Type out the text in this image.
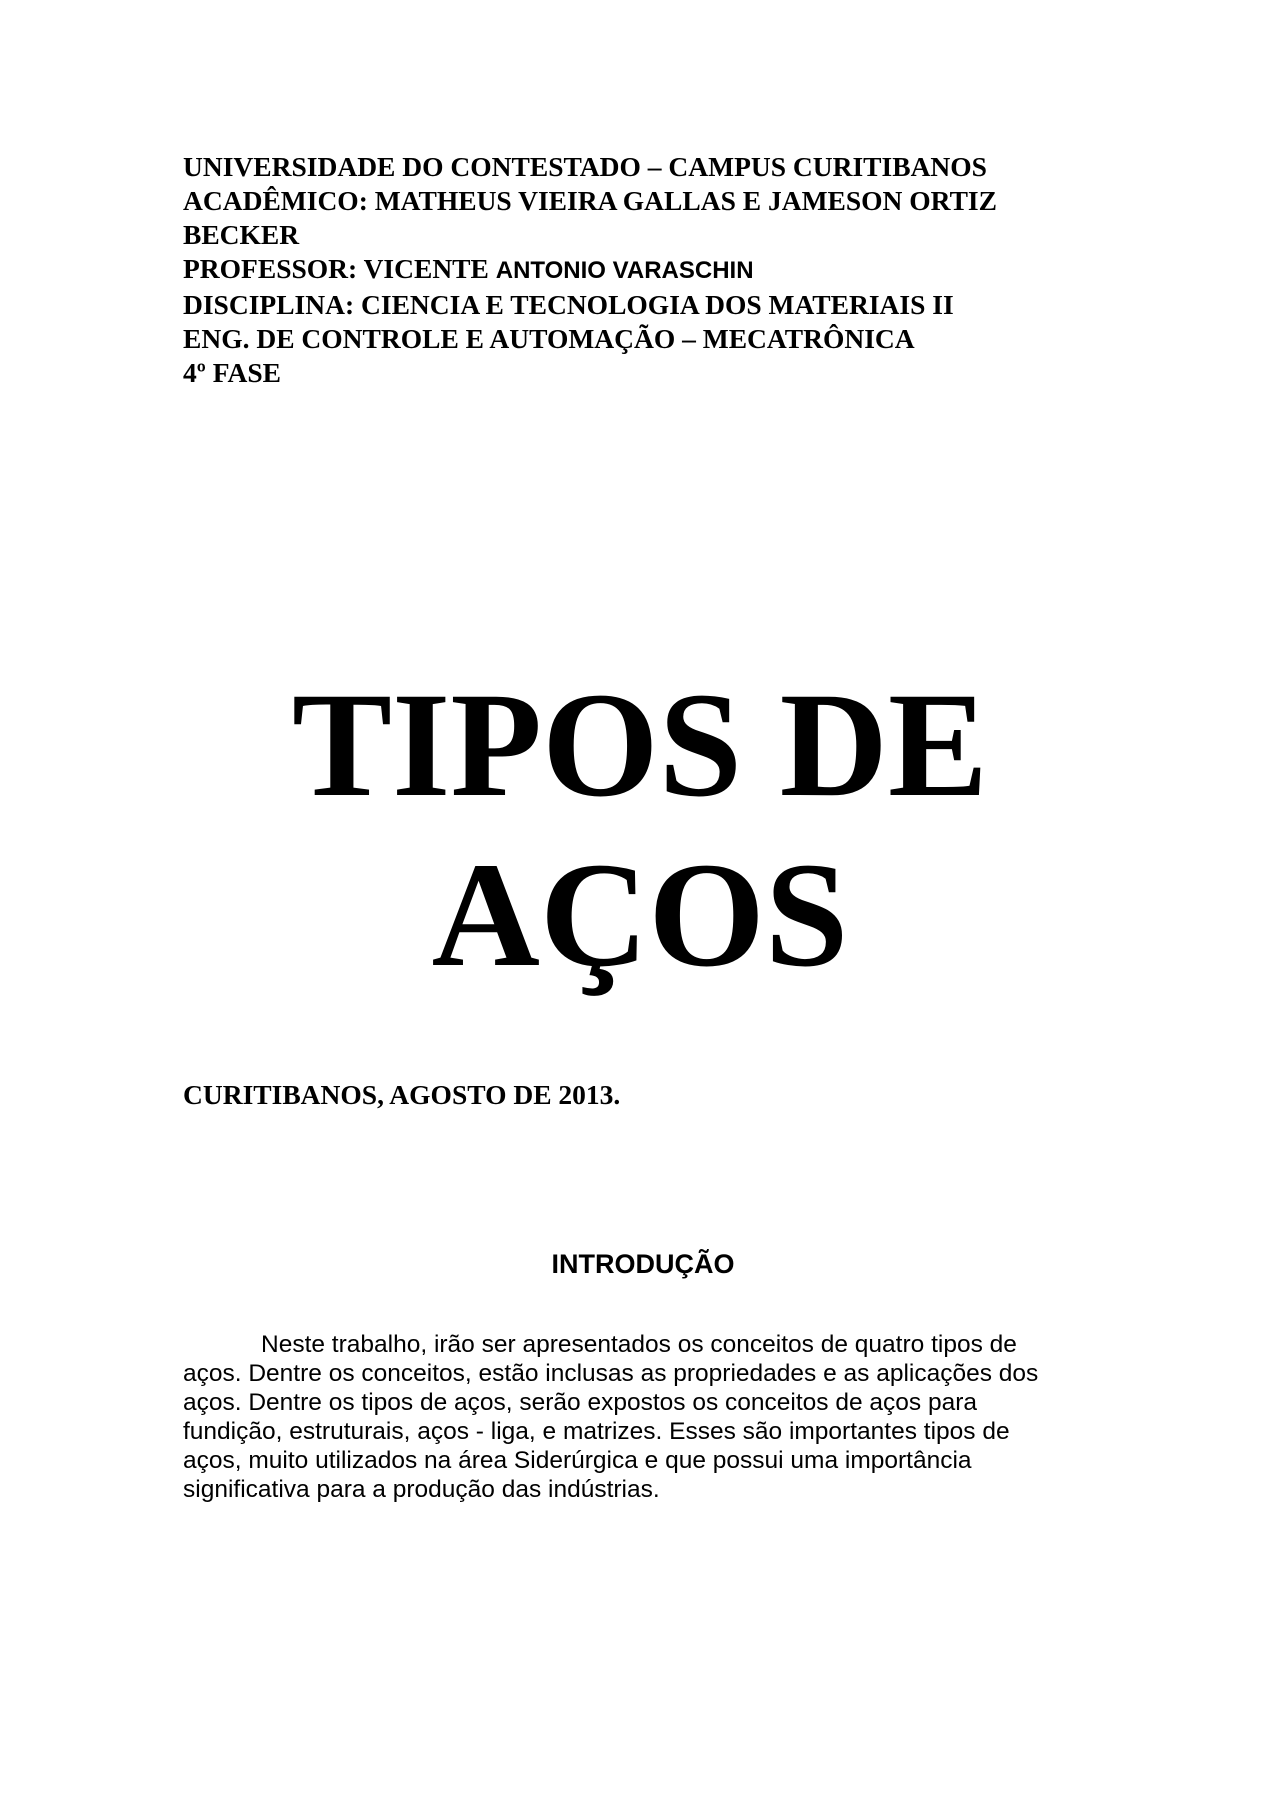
UNIVERSIDADE DO CONTESTADO – CAMPUS CURITIBANOS
ACADÊMICO: MATHEUS VIEIRA GALLAS E JAMESON ORTIZ
BECKER
PROFESSOR: VICENTE ANTONIO VARASCHIN
DISCIPLINA: CIENCIA E TECNOLOGIA DOS MATERIAIS II
ENG. DE CONTROLE E AUTOMAÇÃO – MECATRÔNICA
4º FASE
TIPOS DE
AÇOS
CURITIBANOS, AGOSTO DE 2013.
INTRODUÇÃO
Neste trabalho, irão ser apresentados os conceitos de quatro tipos de
aços. Dentre os conceitos, estão inclusas as propriedades e as aplicações dos
aços. Dentre os tipos de aços, serão expostos os conceitos de aços para
fundição, estruturais, aços - liga, e matrizes. Esses são importantes tipos de
aços, muito utilizados na área Siderúrgica e que possui uma importância
significativa para a produção das indústrias.
